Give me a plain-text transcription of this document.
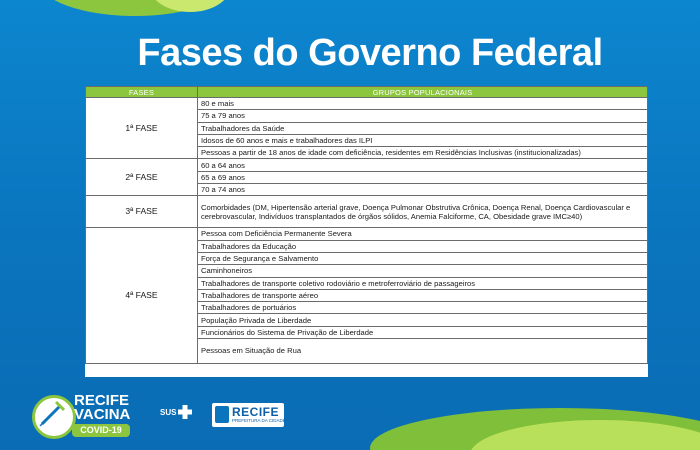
Fases do Governo Federal
FASES	GRUPOS POPULACIONAIS
1ª FASE	80 e mais
	75 a 79 anos
	Trabalhadores da Saúde
	Idosos de 60 anos e mais e trabalhadores das ILPI
	Pessoas a partir de 18 anos de idade com deficiência, residentes em Residências Inclusivas (institucionalizadas)
2ª FASE	60 a 64 anos
	65 a 69 anos
	70 a 74 anos
3ª FASE	Comorbidades (DM, Hipertensão arterial grave, Doença Pulmonar Obstrutiva Crônica, Doença Renal, Doença Cardiovascular e cerebrovascular, Indivíduos transplantados de órgãos sólidos, Anemia Falciforme, CA, Obesidade grave IMC≥40)
4ª FASE	Pessoa com Deficiência Permanente Severa
	Trabalhadores da Educação
	Força de Segurança e Salvamento
	Caminhoneiros
	Trabalhadores de transporte coletivo rodoviário e metroferroviário de passageiros
	Trabalhadores de transporte aéreo
	Trabalhadores de portuários
	População Privada de Liberdade
	Funcionários do Sistema de Privação de Liberdade
	Pessoas em Situação de Rua
RECIFE
VACINA
COVID-19
SUS	RECIFE
PREFEITURA DA CIDADE
